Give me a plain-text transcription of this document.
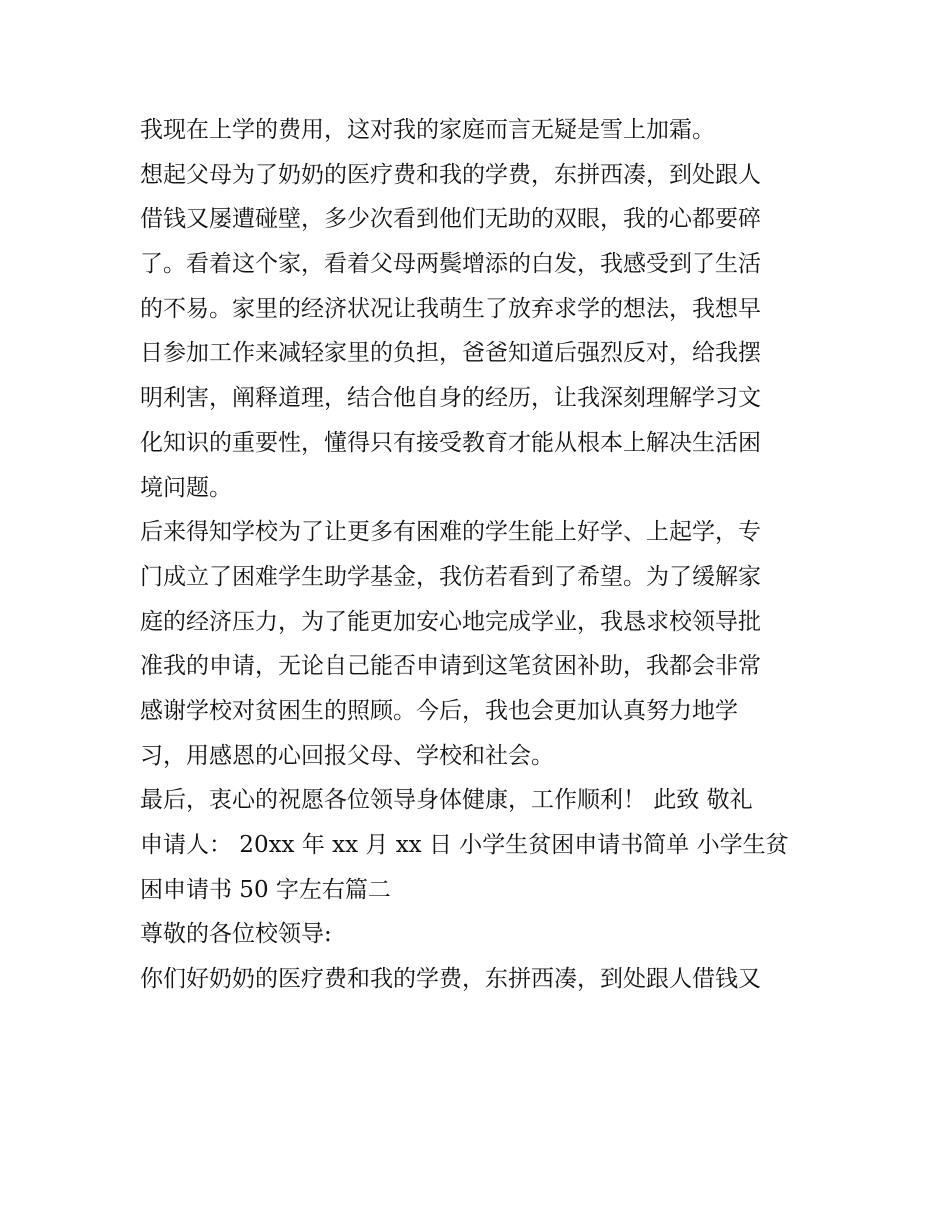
我现在上学的费用，这对我的家庭而言无疑是雪上加霜。
想起父母为了奶奶的医疗费和我的学费，东拼西凑，到处跟人
借钱又屡遭碰壁，多少次看到他们无助的双眼，我的心都要碎
了。看着这个家，看着父母两鬓增添的白发，我感受到了生活
的不易。家里的经济状况让我萌生了放弃求学的想法，我想早
日参加工作来减轻家里的负担，爸爸知道后强烈反对，给我摆
明利害，阐释道理，结合他自身的经历，让我深刻理解学习文
化知识的重要性，懂得只有接受教育才能从根本上解决生活困
境问题。
后来得知学校为了让更多有困难的学生能上好学、上起学，专
门成立了困难学生助学基金，我仿若看到了希望。为了缓解家
庭的经济压力，为了能更加安心地完成学业，我恳求校领导批
准我的申请，无论自己能否申请到这笔贫困补助，我都会非常
感谢学校对贫困生的照顾。今后，我也会更加认真努力地学
习，用感恩的心回报父母、学校和社会。
最后，衷心的祝愿各位领导身体健康，工作顺利！ 此致 敬礼
申请人： 20xx 年 xx 月 xx 日 小学生贫困申请书简单 小学生贫
困申请书 50 字左右篇二
尊敬的各位校领导:
你们好奶奶的医疗费和我的学费，东拼西凑，到处跟人借钱又
